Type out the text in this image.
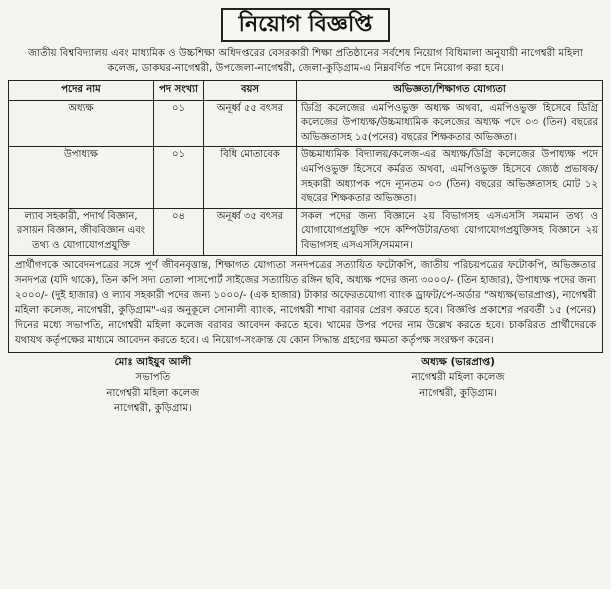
নিয়োগ বিজ্ঞপ্তি
জাতীয় বিশ্ববিদ্যালয় এবং মাধ্যমিক ও উচ্চশিক্ষা অধিদপ্তরের বেসরকারী শিক্ষা প্রতিষ্ঠানের সর্বশেষ নিয়োগ বিধিমালা অনুযায়ী নাগেশ্বরী মহিলা কলেজ, ডাকঘর-নাগেশ্বরী, উপজেলা-নাগেশ্বরী, জেলা-কুড়িগ্রাম-এ নিম্নবর্ণিত পদে নিয়োগ করা হবে।
পদের নাম	পদ সংখ্যা	বয়স	অভিজ্ঞতা/শিক্ষাগত যোগ্যতা
অধ্যক্ষ	০১	অনূর্ধ্ব ৫৫ বৎসর	ডিগ্রি কলেজের এমপিওভুক্ত অধ্যক্ষ অথবা, এমপিওভুক্ত হিসেবে ডিগ্রি কলেজের উপাধ্যক্ষ/উচ্চমাধ্যমিক কলেজের অধ্যক্ষ পদে ০৩ (তিন) বছরের অভিজ্ঞতাসহ ১৫(পনের) বছরের শিক্ষকতার অভিজ্ঞতা।
উপাধ্যক্ষ	০১	বিধি মোতাবেক	উচ্চমাধ্যমিক বিদ্যালয়/কলেজ-এর অধ্যক্ষ/ডিগ্রি কলেজের উপাধ্যক্ষ পদে এমপিওভুক্ত হিসেবে কর্মরত অথবা, এমপিওভুক্ত হিসেবে জ্যেষ্ঠ প্রভাষক/সহকারী অধ্যাপক পদে ন্যূনতম ০৩ (তিন) বছরের অভিজ্ঞতাসহ মোট ১২ বছরের শিক্ষকতার অভিজ্ঞতা।
ল্যাব সহকারী, পদার্থ বিজ্ঞান, রসায়ন বিজ্ঞান, জীববিজ্ঞান এবং তথ্য ও যোগাযোগপ্রযুক্তি	০৪	অনূর্ধ্ব ৩৫ বৎসর	সকল পদের জন্য বিজ্ঞানে ২য় বিভাগসহ এসএসসি সমমান তথ্য ও যোগাযোগপ্রযুক্তি পদে কম্পিউটার/তথ্য যোগাযোগপ্রযুক্তিসহ বিজ্ঞানে ২য় বিভাগসহ এসএসসি/সমমান।
প্রার্থীগণকে আবেদনপত্রের সঙ্গে পূর্ণ জীবনবৃত্তান্ত, শিক্ষাগত যোগ্যতা সনদপত্রের সত্যায়িত ফটোকপি, জাতীয় পরিচয়পত্রের ফটোকপি, অভিজ্ঞতার সনদপত্র (যদি থাকে), তিন কপি সদ্য তোলা পাসপোর্ট সাইজের সত্যায়িত রঙ্গিন ছবি, অধ্যক্ষ পদের জন্য ৩০০০/- (তিন হাজার), উপাধ্যক্ষ পদের জন্য ২০০০/- (দুই হাজার) ও ল্যাব সহকারী পদের জন্য ১০০০/- (এক হাজার) টাকার অফেরতযোগ্য ব্যাংক ড্রাফট/পে-অর্ডার "অধ্যক্ষ(ভারপ্রাপ্ত), নাগেশ্বরী মহিলা কলেজ, নাগেশ্বরী, কুড়িগ্রাম"-এর অনুকূলে সোনালী ব্যাংক, নাগেশ্বরী শাখা বরাবর প্রেরণ করতে হবে। বিজ্ঞপ্তি প্রকাশের পরবর্তী ১৫ (পনের) দিনের মধ্যে সভাপতি, নাগেশ্বরী মহিলা কলেজ বরাবর আবেদন করতে হবে। খামের উপর পদের নাম উল্লেখ করতে হবে। চাকরিরত প্রার্থীদেরকে যথাযথ কর্তৃপক্ষের মাধ্যমে আবেদন করতে হবে। এ নিয়োগ-সংক্রান্ত যে কোন সিদ্ধান্ত গ্রহণের ক্ষমতা কর্তৃপক্ষ সংরক্ষণ করেন।
মোঃ আইয়ুব আলী
সভাপতি
নাগেশ্বরী মহিলা কলেজ
নাগেশ্বরী, কুড়িগ্রাম।
অধ্যক্ষ (ভারপ্রাপ্ত)
নাগেশ্বরী মহিলা কলেজ
নাগেশ্বরী, কুড়িগ্রাম।
